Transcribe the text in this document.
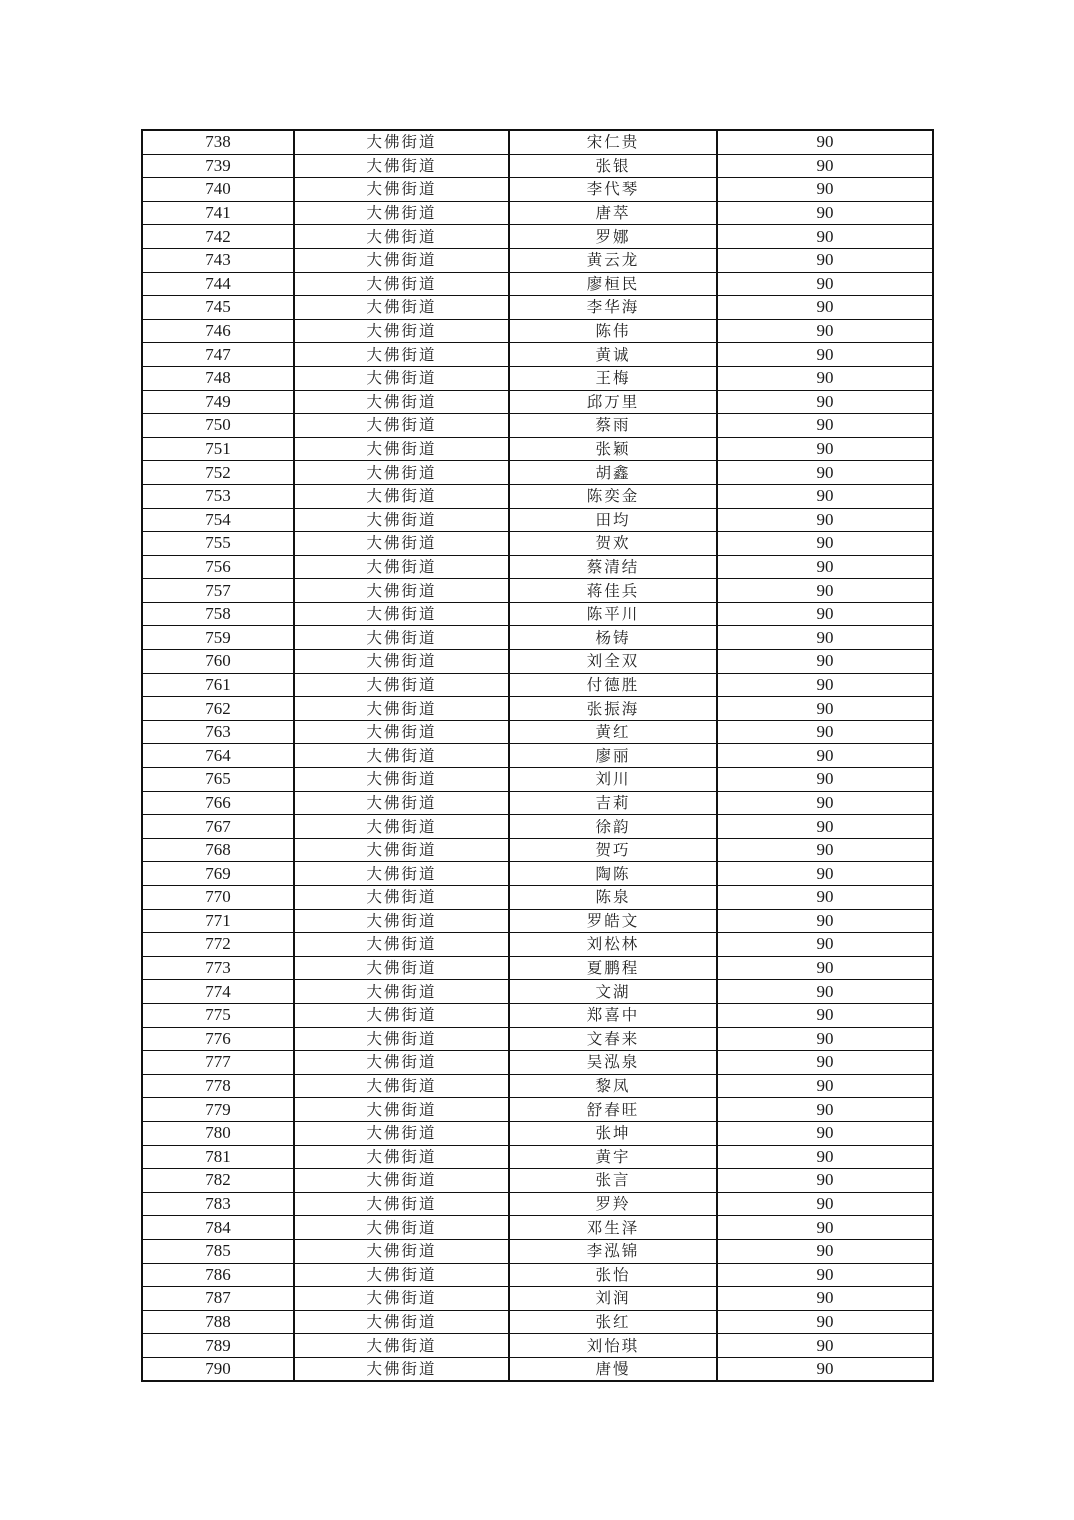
738	大佛街道	宋仁贵	90
739	大佛街道	张银	90
740	大佛街道	李代琴	90
741	大佛街道	唐萃	90
742	大佛街道	罗娜	90
743	大佛街道	黄云龙	90
744	大佛街道	廖桓民	90
745	大佛街道	李华海	90
746	大佛街道	陈伟	90
747	大佛街道	黄诚	90
748	大佛街道	王梅	90
749	大佛街道	邱万里	90
750	大佛街道	蔡雨	90
751	大佛街道	张颖	90
752	大佛街道	胡鑫	90
753	大佛街道	陈奕金	90
754	大佛街道	田均	90
755	大佛街道	贺欢	90
756	大佛街道	蔡清结	90
757	大佛街道	蒋佳兵	90
758	大佛街道	陈平川	90
759	大佛街道	杨铸	90
760	大佛街道	刘全双	90
761	大佛街道	付德胜	90
762	大佛街道	张振海	90
763	大佛街道	黄红	90
764	大佛街道	廖丽	90
765	大佛街道	刘川	90
766	大佛街道	吉莉	90
767	大佛街道	徐韵	90
768	大佛街道	贺巧	90
769	大佛街道	陶陈	90
770	大佛街道	陈泉	90
771	大佛街道	罗皓文	90
772	大佛街道	刘松林	90
773	大佛街道	夏鹏程	90
774	大佛街道	文湖	90
775	大佛街道	郑喜中	90
776	大佛街道	文春来	90
777	大佛街道	吴泓泉	90
778	大佛街道	黎凤	90
779	大佛街道	舒春旺	90
780	大佛街道	张坤	90
781	大佛街道	黄宇	90
782	大佛街道	张言	90
783	大佛街道	罗羚	90
784	大佛街道	邓生泽	90
785	大佛街道	李泓锦	90
786	大佛街道	张怡	90
787	大佛街道	刘润	90
788	大佛街道	张红	90
789	大佛街道	刘怡琪	90
790	大佛街道	唐慢	90
